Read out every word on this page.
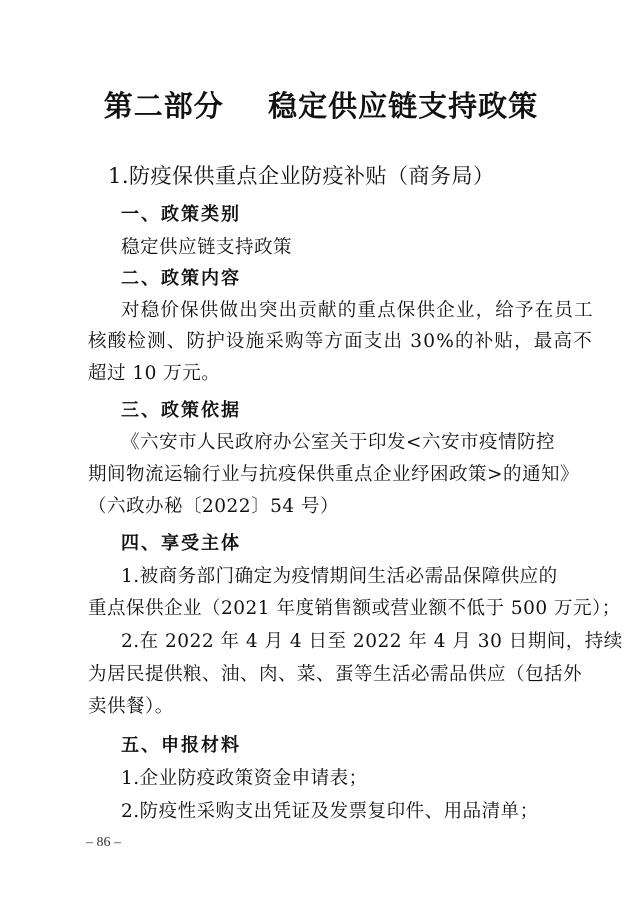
第二部分    稳定供应链支持政策
1.防疫保供重点企业防疫补贴（商务局）
一、政策类别
稳定供应链支持政策
二、政策内容
对稳价保供做出突出贡献的重点保供企业，给予在员工
核酸检测、防护设施采购等方面支出 30%的补贴，最高不
超过 10 万元。
三、政策依据
《六安市人民政府办公室关于印发<六安市疫情防控
期间物流运输行业与抗疫保供重点企业纾困政策>的通知》
（六政办秘〔2022〕54 号）
四、享受主体
1.被商务部门确定为疫情期间生活必需品保障供应的
重点保供企业（2021 年度销售额或营业额不低于 500 万元）；
2.在 2022 年 4 月 4 日至 2022 年 4 月 30 日期间，持续
为居民提供粮、油、肉、菜、蛋等生活必需品供应（包括外
卖供餐）。
五、申报材料
1.企业防疫政策资金申请表；
2.防疫性采购支出凭证及发票复印件、用品清单；
– 86 –
